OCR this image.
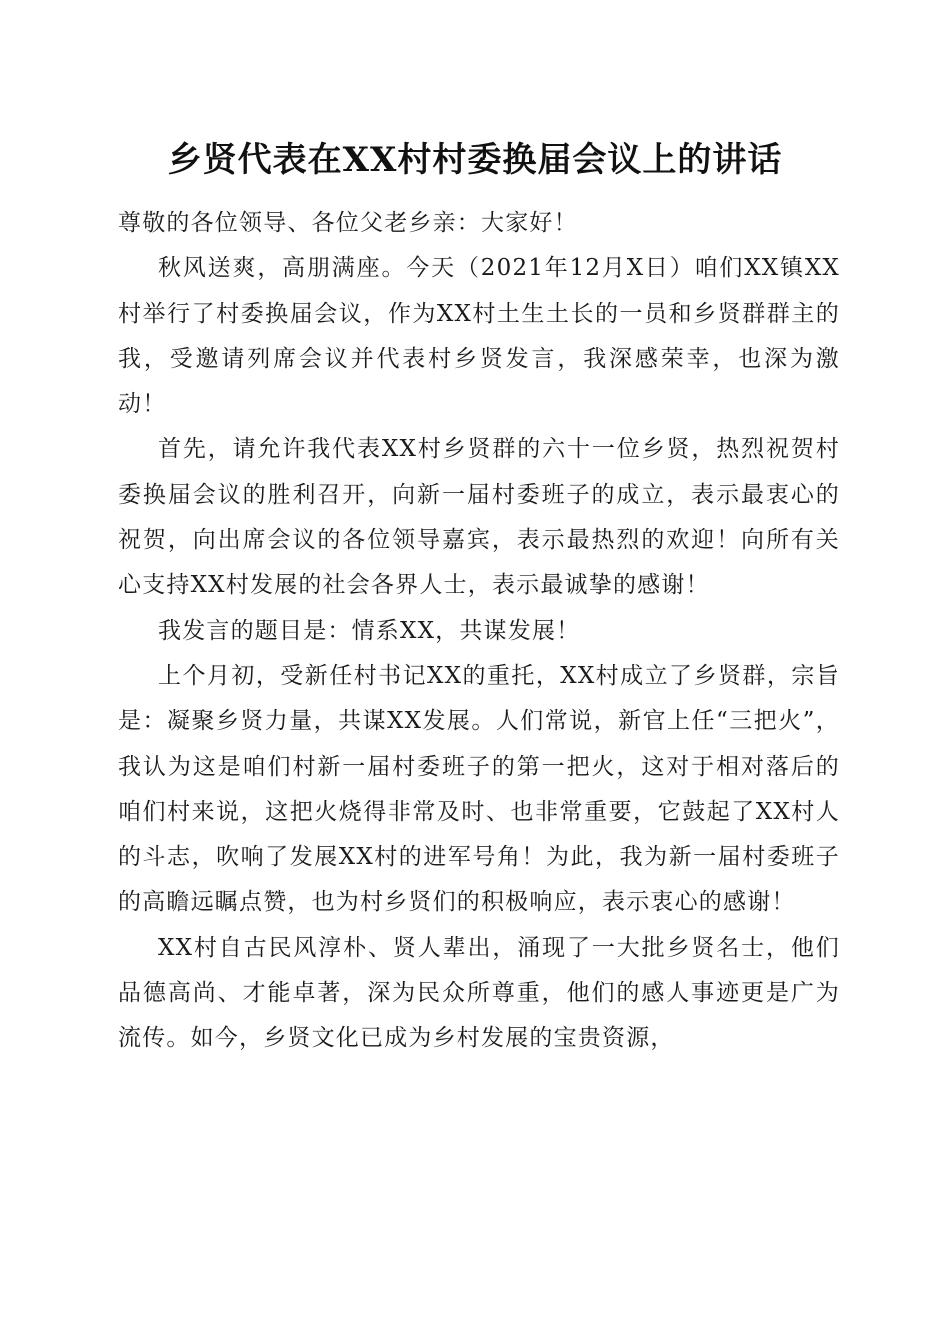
乡贤代表在XX村村委换届会议上的讲话

尊敬的各位领导、各位父老乡亲：大家好！

秋风送爽，高朋满座。今天（2021年12月X日）咱们XX镇XX村举行了村委换届会议，作为XX村土生土长的一员和乡贤群群主的我，受邀请列席会议并代表村乡贤发言，我深感荣幸，也深为激动！

首先，请允许我代表XX村乡贤群的六十一位乡贤，热烈祝贺村委换届会议的胜利召开，向新一届村委班子的成立，表示最衷心的祝贺，向出席会议的各位领导嘉宾，表示最热烈的欢迎！向所有关心支持XX村发展的社会各界人士，表示最诚挚的感谢！

我发言的题目是：情系XX，共谋发展！

上个月初，受新任村书记XX的重托，XX村成立了乡贤群，宗旨是：凝聚乡贤力量，共谋XX发展。人们常说，新官上任“三把火”，我认为这是咱们村新一届村委班子的第一把火，这对于相对落后的咱们村来说，这把火烧得非常及时、也非常重要，它鼓起了XX村人的斗志，吹响了发展XX村的进军号角！为此，我为新一届村委班子的高瞻远瞩点赞，也为村乡贤们的积极响应，表示衷心的感谢！

XX村自古民风淳朴、贤人辈出，涌现了一大批乡贤名士，他们品德高尚、才能卓著，深为民众所尊重，他们的感人事迹更是广为流传。如今，乡贤文化已成为乡村发展的宝贵资源，
